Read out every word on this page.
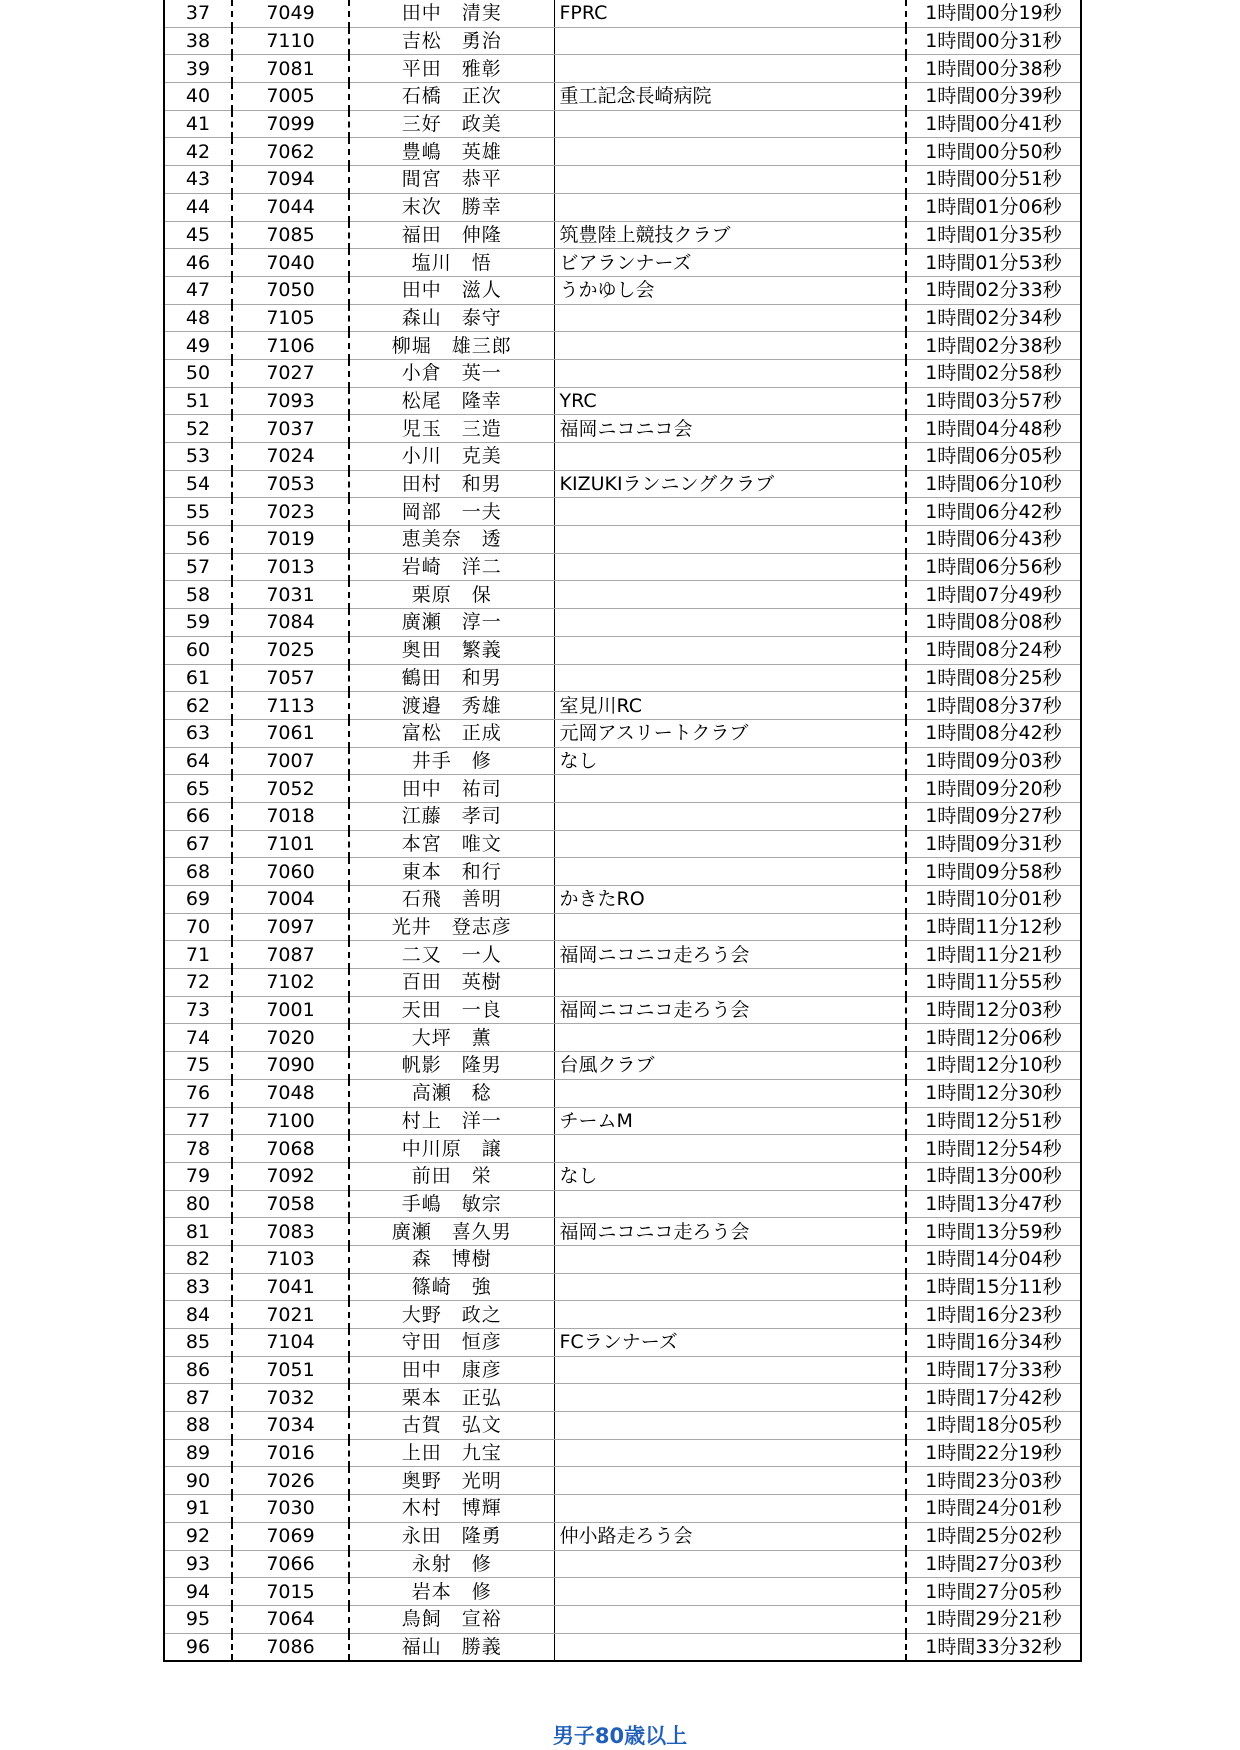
37	7049	田中　清実	FPRC	1時間00分19秒
38	7110	吉松　勇治		1時間00分31秒
39	7081	平田　雅彰		1時間00分38秒
40	7005	石橋　正次	重工記念長崎病院	1時間00分39秒
41	7099	三好　政美		1時間00分41秒
42	7062	豊嶋　英雄		1時間00分50秒
43	7094	間宮　恭平		1時間00分51秒
44	7044	末次　勝幸		1時間01分06秒
45	7085	福田　伸隆	筑豊陸上競技クラブ	1時間01分35秒
46	7040	塩川　悟	ビアランナーズ	1時間01分53秒
47	7050	田中　滋人	うかゆし会	1時間02分33秒
48	7105	森山　泰守		1時間02分34秒
49	7106	柳堀　雄三郎		1時間02分38秒
50	7027	小倉　英一		1時間02分58秒
51	7093	松尾　隆幸	YRC	1時間03分57秒
52	7037	児玉　三造	福岡ニコニコ会	1時間04分48秒
53	7024	小川　克美		1時間06分05秒
54	7053	田村　和男	KIZUKIランニングクラブ	1時間06分10秒
55	7023	岡部　一夫		1時間06分42秒
56	7019	恵美奈　透		1時間06分43秒
57	7013	岩崎　洋二		1時間06分56秒
58	7031	栗原　保		1時間07分49秒
59	7084	廣瀬　淳一		1時間08分08秒
60	7025	奥田　繁義		1時間08分24秒
61	7057	鶴田　和男		1時間08分25秒
62	7113	渡邉　秀雄	室見川RC	1時間08分37秒
63	7061	富松　正成	元岡アスリートクラブ	1時間08分42秒
64	7007	井手　修	なし	1時間09分03秒
65	7052	田中　祐司		1時間09分20秒
66	7018	江藤　孝司		1時間09分27秒
67	7101	本宮　唯文		1時間09分31秒
68	7060	東本　和行		1時間09分58秒
69	7004	石飛　善明	かきたRO	1時間10分01秒
70	7097	光井　登志彦		1時間11分12秒
71	7087	二又　一人	福岡ニコニコ走ろう会	1時間11分21秒
72	7102	百田　英樹		1時間11分55秒
73	7001	天田　一良	福岡ニコニコ走ろう会	1時間12分03秒
74	7020	大坪　薫		1時間12分06秒
75	7090	帆影　隆男	台風クラブ	1時間12分10秒
76	7048	高瀬　稔		1時間12分30秒
77	7100	村上　洋一	チームM	1時間12分51秒
78	7068	中川原　譲		1時間12分54秒
79	7092	前田　栄	なし	1時間13分00秒
80	7058	手嶋　敏宗		1時間13分47秒
81	7083	廣瀬　喜久男	福岡ニコニコ走ろう会	1時間13分59秒
82	7103	森　博樹		1時間14分04秒
83	7041	篠崎　強		1時間15分11秒
84	7021	大野　政之		1時間16分23秒
85	7104	守田　恒彦	FCランナーズ	1時間16分34秒
86	7051	田中　康彦		1時間17分33秒
87	7032	栗本　正弘		1時間17分42秒
88	7034	古賀　弘文		1時間18分05秒
89	7016	上田　九宝		1時間22分19秒
90	7026	奥野　光明		1時間23分03秒
91	7030	木村　博輝		1時間24分01秒
92	7069	永田　隆勇	仲小路走ろう会	1時間25分02秒
93	7066	永射　修		1時間27分03秒
94	7015	岩本　修		1時間27分05秒
95	7064	鳥飼　宣裕		1時間29分21秒
96	7086	福山　勝義		1時間33分32秒
男子80歳以上
